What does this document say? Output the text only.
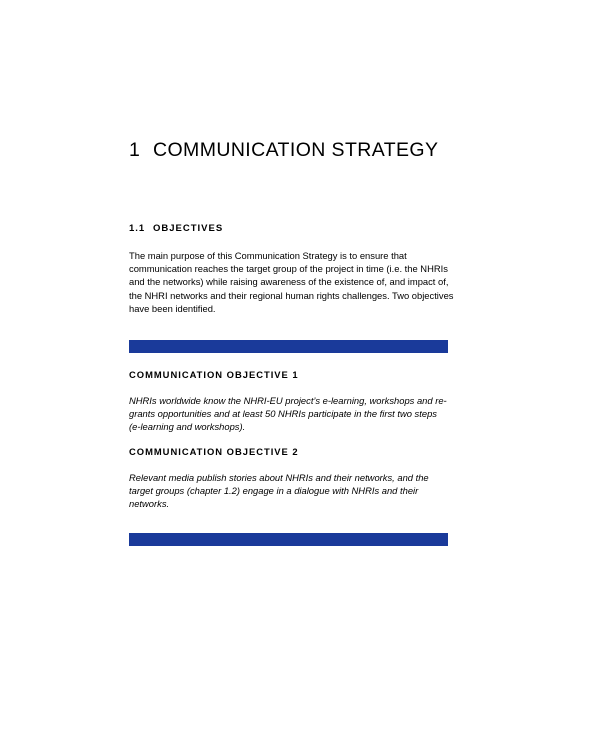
1 COMMUNICATION STRATEGY
1.1 OBJECTIVES

The main purpose of this Communication Strategy is to ensure that communication reaches the target group of the project in time (i.e. the NHRIs and the networks) while raising awareness of the existence of, and impact of, the NHRI networks and their regional human rights challenges. Two objectives have been identified.

COMMUNICATION OBJECTIVE 1

NHRIs worldwide know the NHRI-EU project’s e-learning, workshops and re-grants opportunities and at least 50 NHRIs participate in the first two steps (e-learning and workshops).

COMMUNICATION OBJECTIVE 2

Relevant media publish stories about NHRIs and their networks, and the target groups (chapter 1.2) engage in a dialogue with NHRIs and their networks.
